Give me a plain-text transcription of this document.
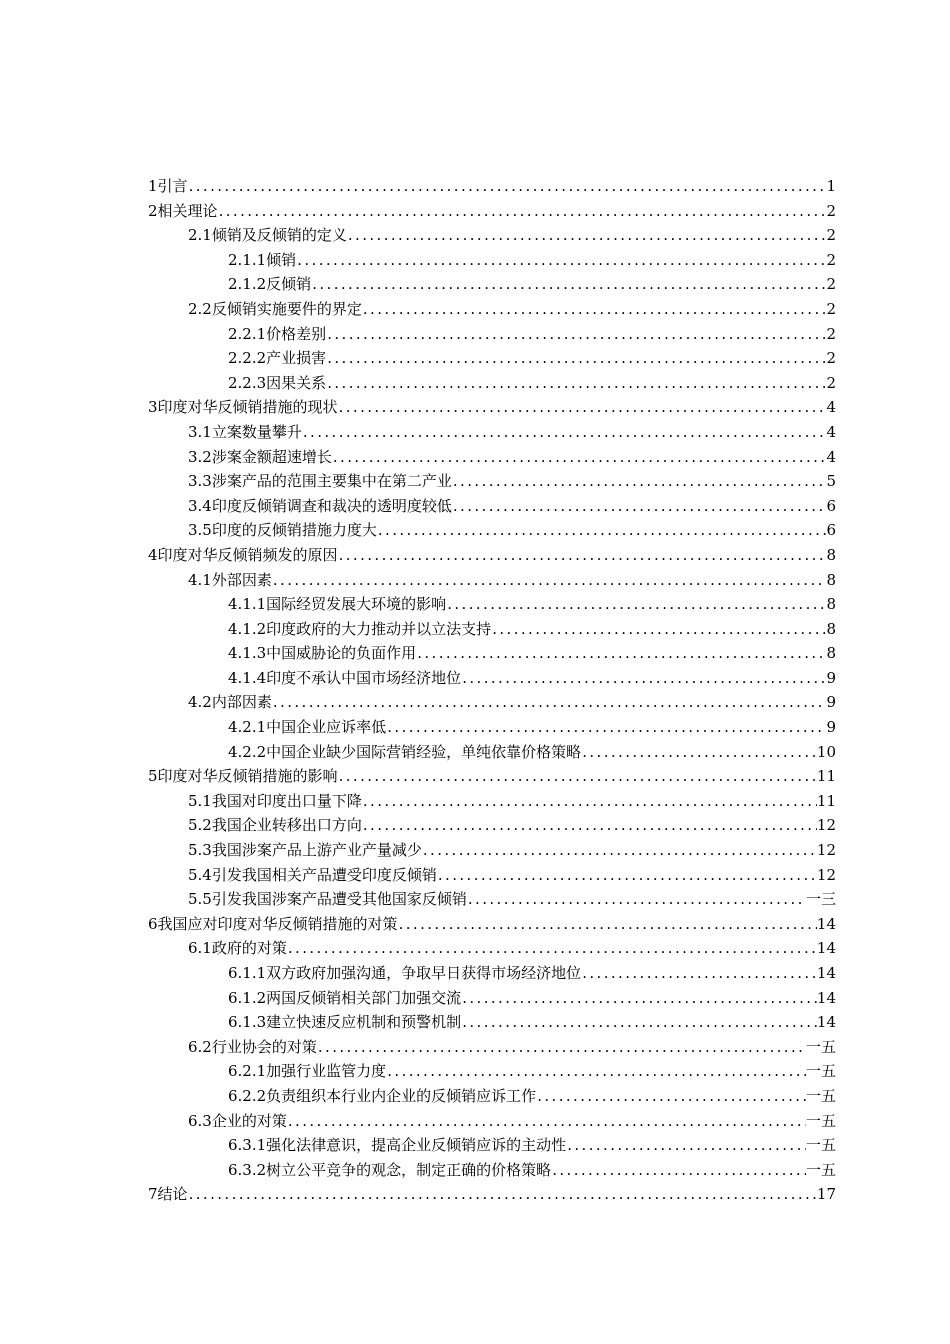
1 引言 .....	1
2 相关理论 .....	2
2.1 倾销及反倾销的定义 .....	2
2.1.1 倾销 .....	2
2.1.2 反倾销 .....	2
2.2 反倾销实施要件的界定 .....	2
2.2.1 价格差别 .....	2
2.2.2 产业损害 .....	2
2.2.3 因果关系 .....	2
3 印度对华反倾销措施的现状 .....	4
3.1 立案数量攀升 .....	4
3.2 涉案金额超速增长 .....	4
3.3 涉案产品的范围主要集中在第二产业 .....	5
3.4 印度反倾销调查和裁决的透明度较低 .....	6
3.5 印度的反倾销措施力度大 .....	6
4 印度对华反倾销频发的原因 .....	8
4.1 外部因素 .....	8
4.1.1 国际经贸发展大环境的影响 .....	8
4.1.2 印度政府的大力推动并以立法支持 .....	8
4.1.3 中国威胁论的负面作用 .....	8
4.1.4 印度不承认中国市场经济地位 .....	9
4.2 内部因素 .....	9
4.2.1 中国企业应诉率低 .....	9
4.2.2 中国企业缺少国际营销经验，单纯依靠价格策略 .....	10
5 印度对华反倾销措施的影响 .....	11
5.1 我国对印度出口量下降 .....	11
5.2 我国企业转移出口方向 .....	12
5.3 我国涉案产品上游产业产量减少 .....	12
5.4 引发我国相关产品遭受印度反倾销 .....	12
5.5 引发我国涉案产品遭受其他国家反倾销 .....	一三
6 我国应对印度对华反倾销措施的对策 .....	14
6.1 政府的对策 .....	14
6.1.1 双方政府加强沟通，争取早日获得市场经济地位 .....	14
6.1.2 两国反倾销相关部门加强交流 .....	14
6.1.3 建立快速反应机制和预警机制 .....	14
6.2 行业协会的对策 .....	一五
6.2.1 加强行业监管力度 .....	一五
6.2.2 负责组织本行业内企业的反倾销应诉工作 .....	一五
6.3 企业的对策 .....	一五
6.3.1 强化法律意识，提高企业反倾销应诉的主动性 .....	一五
6.3.2 树立公平竞争的观念，制定正确的价格策略 .....	一五
7 结论 .....	17
